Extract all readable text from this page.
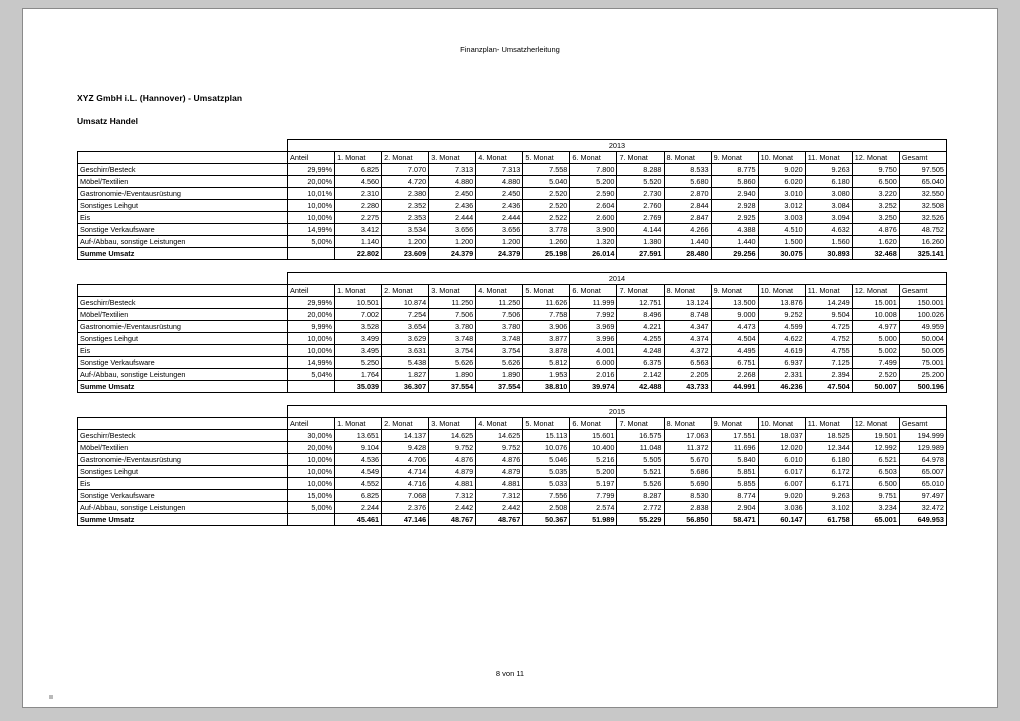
Finanzplan- Umsatzherleitung
XYZ GmbH i.L. (Hannover) - Umsatzplan
Umsatz Handel
	2013													
	Anteil	1. Monat	2. Monat	3. Monat	4. Monat	5. Monat	6. Monat	7. Monat	8. Monat	9. Monat	10. Monat	11. Monat	12. Monat	Gesamt
Geschirr/Besteck	29,99%	6.825	7.070	7.313	7.313	7.558	7.800	8.288	8.533	8.775	9.020	9.263	9.750	97.505
Möbel/Textilien	20,00%	4.560	4.720	4.880	4.880	5.040	5.200	5.520	5.680	5.860	6.020	6.180	6.500	65.040
Gastronomie-/Eventausrüstung	10,01%	2.310	2.380	2.450	2.450	2.520	2.590	2.730	2.870	2.940	3.010	3.080	3.220	32.550
Sonstiges Leihgut	10,00%	2.280	2.352	2.436	2.436	2.520	2.604	2.760	2.844	2.928	3.012	3.084	3.252	32.508
Eis	10,00%	2.275	2.353	2.444	2.444	2.522	2.600	2.769	2.847	2.925	3.003	3.094	3.250	32.526
Sonstige Verkaufsware	14,99%	3.412	3.534	3.656	3.656	3.778	3.900	4.144	4.266	4.388	4.510	4.632	4.876	48.752
Auf-/Abbau, sonstige Leistungen	5,00%	1.140	1.200	1.200	1.200	1.260	1.320	1.380	1.440	1.440	1.500	1.560	1.620	16.260
Summe Umsatz		22.802	23.609	24.379	24.379	25.198	26.014	27.591	28.480	29.256	30.075	30.893	32.468	325.141
	2014													
	Anteil	1. Monat	2. Monat	3. Monat	4. Monat	5. Monat	6. Monat	7. Monat	8. Monat	9. Monat	10. Monat	11. Monat	12. Monat	Gesamt
Geschirr/Besteck	29,99%	10.501	10.874	11.250	11.250	11.626	11.999	12.751	13.124	13.500	13.876	14.249	15.001	150.001
Möbel/Textilien	20,00%	7.002	7.254	7.506	7.506	7.758	7.992	8.496	8.748	9.000	9.252	9.504	10.008	100.026
Gastronomie-/Eventausrüstung	9,99%	3.528	3.654	3.780	3.780	3.906	3.969	4.221	4.347	4.473	4.599	4.725	4.977	49.959
Sonstiges Leihgut	10,00%	3.499	3.629	3.748	3.748	3.877	3.996	4.255	4.374	4.504	4.622	4.752	5.000	50.004
Eis	10,00%	3.495	3.631	3.754	3.754	3.878	4.001	4.248	4.372	4.495	4.619	4.755	5.002	50.005
Sonstige Verkaufsware	14,99%	5.250	5.438	5.626	5.626	5.812	6.000	6.375	6.563	6.751	6.937	7.125	7.499	75.001
Auf-/Abbau, sonstige Leistungen	5,04%	1.764	1.827	1.890	1.890	1.953	2.016	2.142	2.205	2.268	2.331	2.394	2.520	25.200
Summe Umsatz		35.039	36.307	37.554	37.554	38.810	39.974	42.488	43.733	44.991	46.236	47.504	50.007	500.196
	2015													
	Anteil	1. Monat	2. Monat	3. Monat	4. Monat	5. Monat	6. Monat	7. Monat	8. Monat	9. Monat	10. Monat	11. Monat	12. Monat	Gesamt
Geschirr/Besteck	30,00%	13.651	14.137	14.625	14.625	15.113	15.601	16.575	17.063	17.551	18.037	18.525	19.501	194.999
Möbel/Textilien	20,00%	9.104	9.428	9.752	9.752	10.076	10.400	11.048	11.372	11.696	12.020	12.344	12.992	129.989
Gastronomie-/Eventausrüstung	10,00%	4.536	4.706	4.876	4.876	5.046	5.216	5.505	5.670	5.840	6.010	6.180	6.521	64.978
Sonstiges Leihgut	10,00%	4.549	4.714	4.879	4.879	5.035	5.200	5.521	5.686	5.851	6.017	6.172	6.503	65.007
Eis	10,00%	4.552	4.716	4.881	4.881	5.033	5.197	5.526	5.690	5.855	6.007	6.171	6.500	65.010
Sonstige Verkaufsware	15,00%	6.825	7.068	7.312	7.312	7.556	7.799	8.287	8.530	8.774	9.020	9.263	9.751	97.497
Auf-/Abbau, sonstige Leistungen	5,00%	2.244	2.376	2.442	2.442	2.508	2.574	2.772	2.838	2.904	3.036	3.102	3.234	32.472
Summe Umsatz		45.461	47.146	48.767	48.767	50.367	51.989	55.229	56.850	58.471	60.147	61.758	65.001	649.953
8 von 11
